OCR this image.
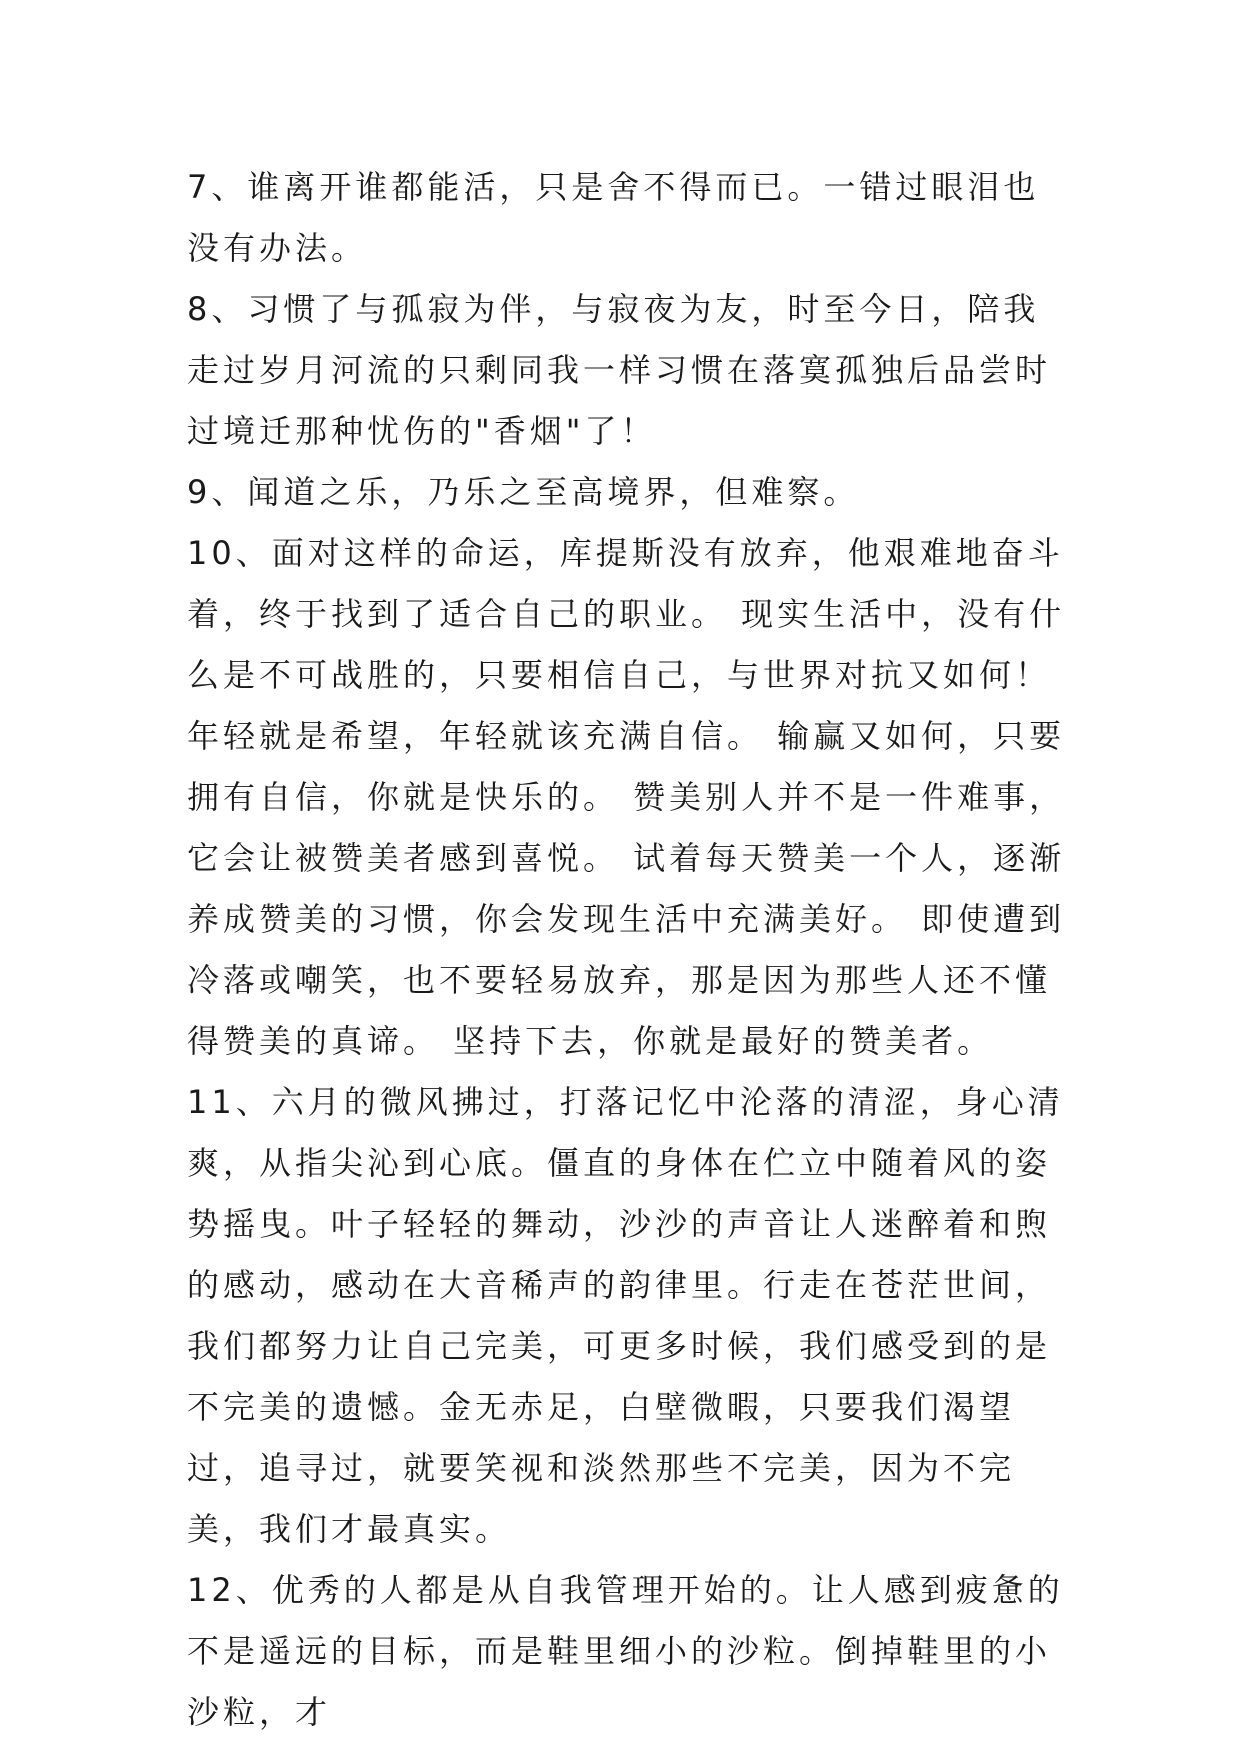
7、谁离开谁都能活，只是舍不得而已。一错过眼泪也没有办法。

8、习惯了与孤寂为伴，与寂夜为友，时至今日，陪我走过岁月河流的只剩同我一样习惯在落寞孤独后品尝时过境迁那种忧伤的"香烟"了！

9、闻道之乐，乃乐之至高境界，但难察。

10、面对这样的命运，库提斯没有放弃，他艰难地奋斗着，终于找到了适合自己的职业。 现实生活中，没有什么是不可战胜的，只要相信自己，与世界对抗又如何！年轻就是希望，年轻就该充满自信。 输赢又如何，只要拥有自信，你就是快乐的。 赞美别人并不是一件难事，它会让被赞美者感到喜悦。 试着每天赞美一个人，逐渐养成赞美的习惯，你会发现生活中充满美好。 即使遭到冷落或嘲笑，也不要轻易放弃，那是因为那些人还不懂得赞美的真谛。 坚持下去，你就是最好的赞美者。

11、六月的微风拂过，打落记忆中沦落的清涩，身心清爽，从指尖沁到心底。僵直的身体在伫立中随着风的姿势摇曳。叶子轻轻的舞动，沙沙的声音让人迷醉着和煦的感动，感动在大音稀声的韵律里。行走在苍茫世间，我们都努力让自己完美，可更多时候，我们感受到的是不完美的遗憾。金无赤足，白壁微暇，只要我们渴望过，追寻过，就要笑视和淡然那些不完美，因为不完美，我们才最真实。

12、优秀的人都是从自我管理开始的。让人感到疲惫的不是遥远的目标，而是鞋里细小的沙粒。倒掉鞋里的小沙粒，才
